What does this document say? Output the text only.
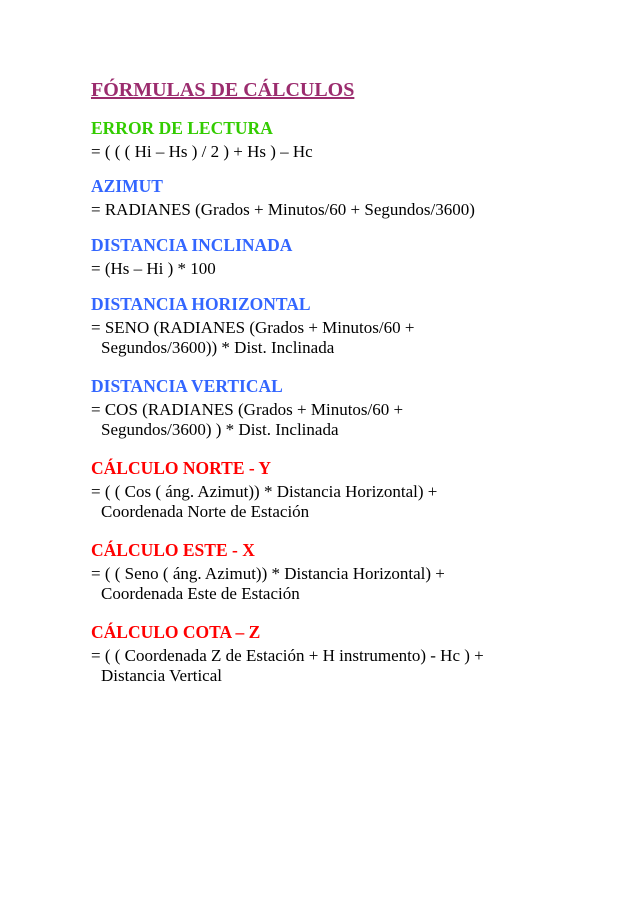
FÓRMULAS DE CÁLCULOS
ERROR DE LECTURA
= ( ( ( Hi – Hs ) / 2 ) + Hs ) – Hc
AZIMUT
= RADIANES (Grados + Minutos/60 + Segundos/3600)
DISTANCIA INCLINADA
= (Hs – Hi ) * 100
DISTANCIA HORIZONTAL
= SENO (RADIANES (Grados + Minutos/60 +
Segundos/3600)) * Dist. Inclinada
DISTANCIA VERTICAL
= COS (RADIANES (Grados + Minutos/60 +
Segundos/3600) ) * Dist. Inclinada
CÁLCULO NORTE - Y
= ( ( Cos ( áng. Azimut)) * Distancia Horizontal) +
Coordenada Norte de Estación
CÁLCULO ESTE - X
= ( ( Seno ( áng. Azimut)) * Distancia Horizontal) +
Coordenada Este de Estación
CÁLCULO COTA – Z
= ( ( Coordenada Z de Estación + H instrumento) - Hc ) +
Distancia Vertical
